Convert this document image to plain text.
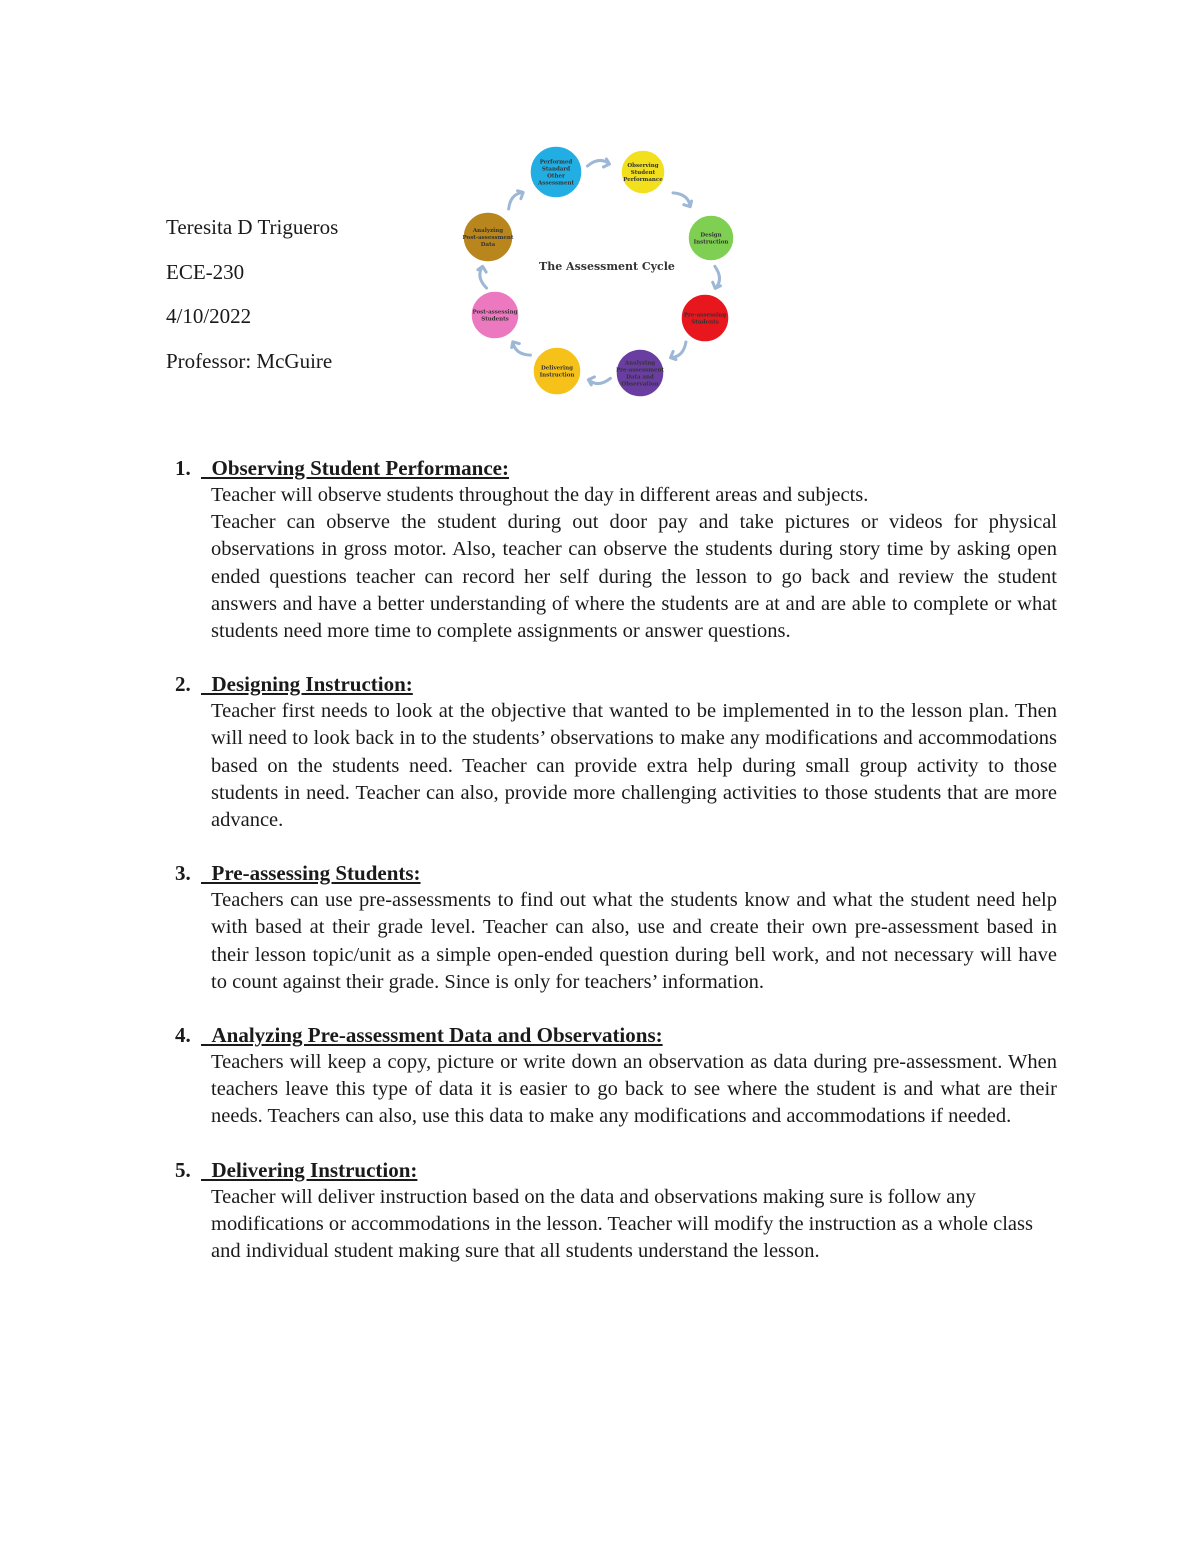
Teresita D Trigueros
ECE-230
4/10/2022
Professor: McGuire
The Assessment Cycle
Performed Standard Other Assessment
Observing Student Performance
Design Instruction
Pre-assessing Students
Analyzing Pre-assessment Data and Observation
Delivering Instruction
Post-assessing Students
Analyzing Post-assessment Data
1. Observing Student Performance:

Teacher will observe students throughout the day in different areas and subjects.

Teacher can observe the student during out door pay and take pictures or videos for physical observations in gross motor. Also, teacher can observe the students during story time by asking open ended questions teacher can record her self during the lesson to go back and review the student answers and have a better understanding of where the students are at and are able to complete or what students need more time to complete assignments or answer questions.

2. Designing Instruction:

Teacher first needs to look at the objective that wanted to be implemented in to the lesson plan. Then will need to look back in to the students’ observations to make any modifications and accommodations based on the students need. Teacher can provide extra help during small group activity to those students in need. Teacher can also, provide more challenging activities to those students that are more advance.

3. Pre-assessing Students:

Teachers can use pre-assessments to find out what the students know and what the student need help with based at their grade level. Teacher can also, use and create their own pre-assessment based in their lesson topic/unit as a simple open-ended question during bell work, and not necessary will have to count against their grade. Since is only for teachers’ information.

4. Analyzing Pre-assessment Data and Observations:

Teachers will keep a copy, picture or write down an observation as data during pre-assessment. When teachers leave this type of data it is easier to go back to see where the student is and what are their needs. Teachers can also, use this data to make any modifications and accommodations if needed.

5. Delivering Instruction:

Teacher will deliver instruction based on the data and observations making sure is follow any modifications or accommodations in the lesson. Teacher will modify the instruction as a whole class and individual student making sure that all students understand the lesson.
